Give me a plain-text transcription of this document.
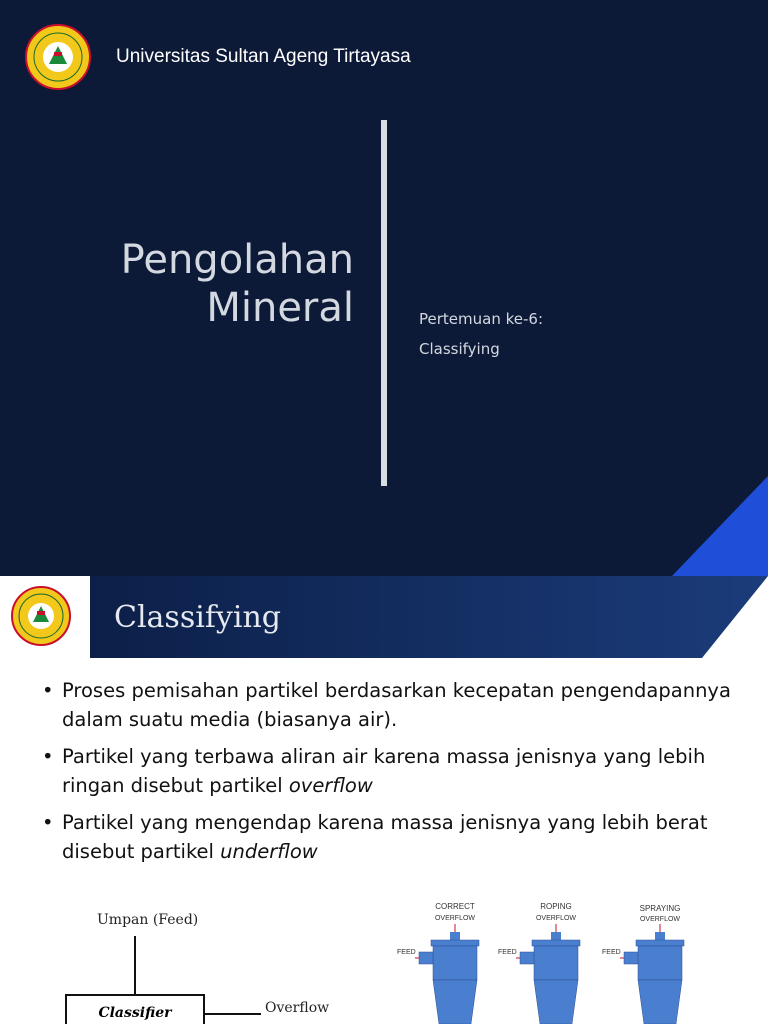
Universitas Sultan Ageng Tirtayasa
Pengolahan
Mineral	Pertemuan ke-6:
Classifying
Classifying
• Proses pemisahan partikel berdasarkan kecepatan pengendapannya dalam suatu media (biasanya air).
• Partikel yang terbawa aliran air karena massa jenisnya yang lebih ringan disebut partikel overflow
• Partikel yang mengendap karena massa jenisnya yang lebih berat disebut partikel underflow
Umpan (Feed)
Classifier	Overflow
CORRECT
OVERFLOW
FEED
ROPING
OVERFLOW
FEED
SPRAYING
OVERFLOW
FEED
